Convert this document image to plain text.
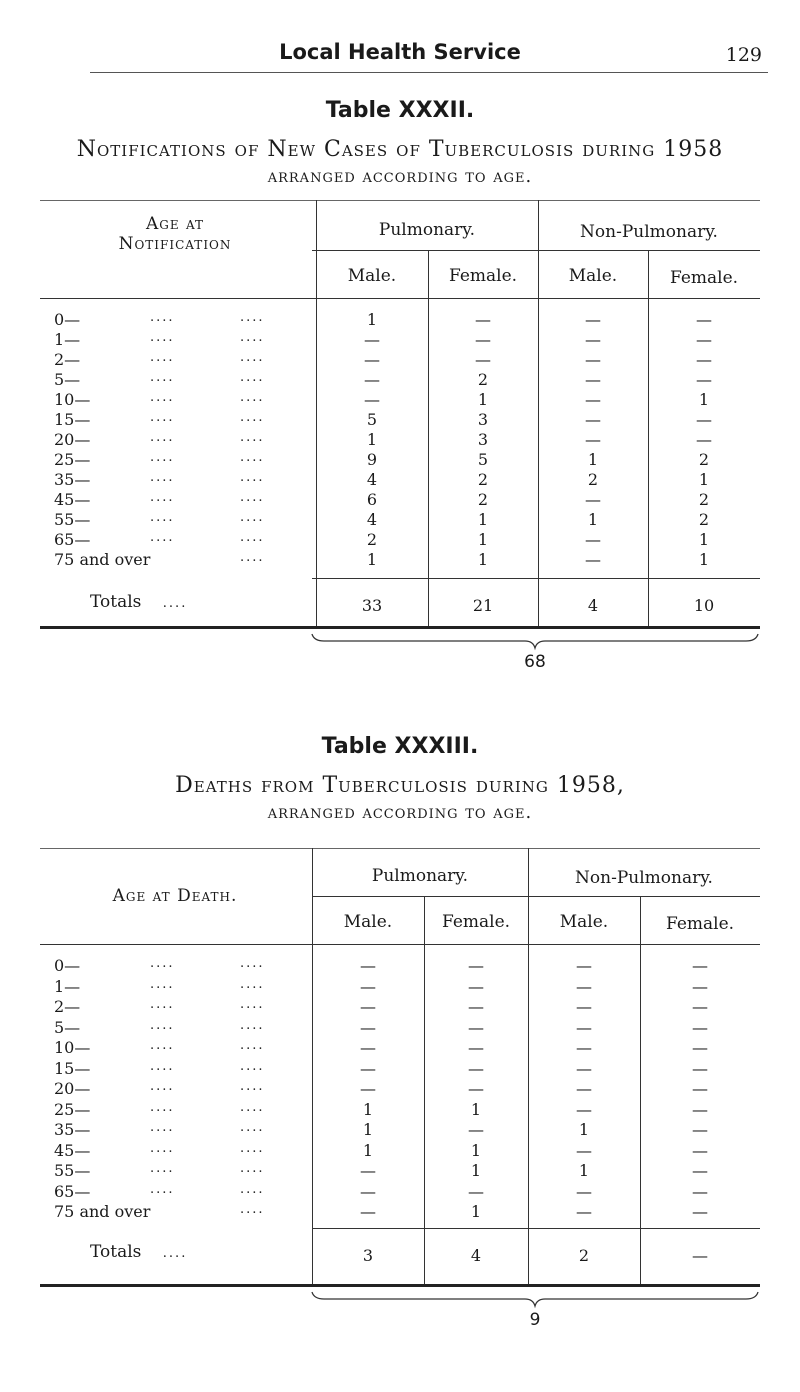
Local Health Service	129
Table XXXII.
Notifications of New Cases of Tuberculosis during 1958
arranged according to age.
Age at
Notification
Pulmonary.	Non-Pulmonary.
Male.	Female.	Male.	Female.
Totals ....	33	21	4	10
68
0—	....	....	1	—	—	—
1—	....	....	—	—	—	—
2—	....	....	—	—	—	—
5—	....	....	—	2	—	—
10—	....	....	—	1	—	1
15—	....	....	5	3	—	—
20—	....	....	1	3	—	—
25—	....	....	9	5	1	2
35—	....	....	4	2	2	1
45—	....	....	6	2	—	2
55—	....	....	4	1	1	2
65—	....	....	2	1	—	1
75 and over	....	1	1	—	1
Table XXXIII.
Deaths from Tuberculosis during 1958,
arranged according to age.
Age at Death.
Pulmonary.	Non-Pulmonary.
Male.	Female.	Male.	Female.
Totals ....	3	4	2	—
9
0—	....	....	—	—	—	—
1—	....	....	—	—	—	—
2—	....	....	—	—	—	—
5—	....	....	—	—	—	—
10—	....	....	—	—	—	—
15—	....	....	—	—	—	—
20—	....	....	—	—	—	—
25—	....	....	1	1	—	—
35—	....	....	1	—	1	—
45—	....	....	1	1	—	—
55—	....	....	—	1	1	—
65—	....	....	—	—	—	—
75 and over	....	—	1	—	—
